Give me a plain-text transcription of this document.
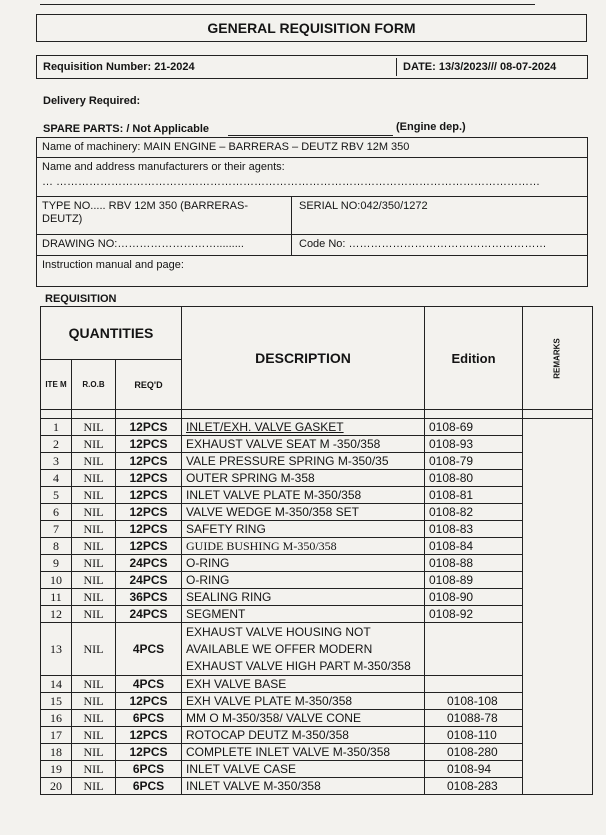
GENERAL REQUISITION FORM
Requisition Number: 21-2024	DATE: 13/3/2023/// 08-07-2024
Delivery Required:
SPARE PARTS: / Not Applicable	(Engine dep.)
Name of machinery: MAIN ENGINE – BARRERAS – DEUTZ RBV 12M 350
Name and address manufacturers or their agents:
… ……………………………………………………………………………………………………………………
TYPE NO..... RBV 12M 350 (BARRERAS-DEUTZ)
SERIAL NO:042/350/1272
DRAWING NO:……………………….........	Code No: ………………………………………………
Instruction manual and page:
REQUISITION
QUANTITIES			DESCRIPTION	Edition	REMARKS
ITE M	R.O.B	REQ'D			

1	NIL	12PCS	INLET/EXH. VALVE GASKET	0108-69	
2	NIL	12PCS	EXHAUST VALVE SEAT M -350/358	0108-93	
3	NIL	12PCS	VALE PRESSURE SPRING M-350/35	0108-79	
4	NIL	12PCS	OUTER SPRING M-358	0108-80	
5	NIL	12PCS	INLET VALVE PLATE M-350/358	0108-81	
6	NIL	12PCS	VALVE WEDGE M-350/358 SET	0108-82	
7	NIL	12PCS	SAFETY RING	0108-83	
8	NIL	12PCS	GUIDE BUSHING M-350/358	0108-84	
9	NIL	24PCS	O-RING	0108-88	
10	NIL	24PCS	O-RING	0108-89	
11	NIL	36PCS	SEALING RING	0108-90	
12	NIL	24PCS	SEGMENT	0108-92	
13	NIL	4PCS	EXHAUST VALVE HOUSING NOT AVAILABLE WE OFFER MODERN EXHAUST VALVE HIGH PART M-350/358		
14	NIL	4PCS	EXH VALVE BASE		
15	NIL	12PCS	EXH VALVE PLATE M-350/358	0108-108	
16	NIL	6PCS	MM O M-350/358/ VALVE CONE	01088-78	
17	NIL	12PCS	ROTOCAP DEUTZ M-350/358	0108-110	
18	NIL	12PCS	COMPLETE INLET VALVE M-350/358	0108-280	
19	NIL	6PCS	INLET VALVE CASE	0108-94	
20	NIL	6PCS	INLET VALVE M-350/358	0108-283	
